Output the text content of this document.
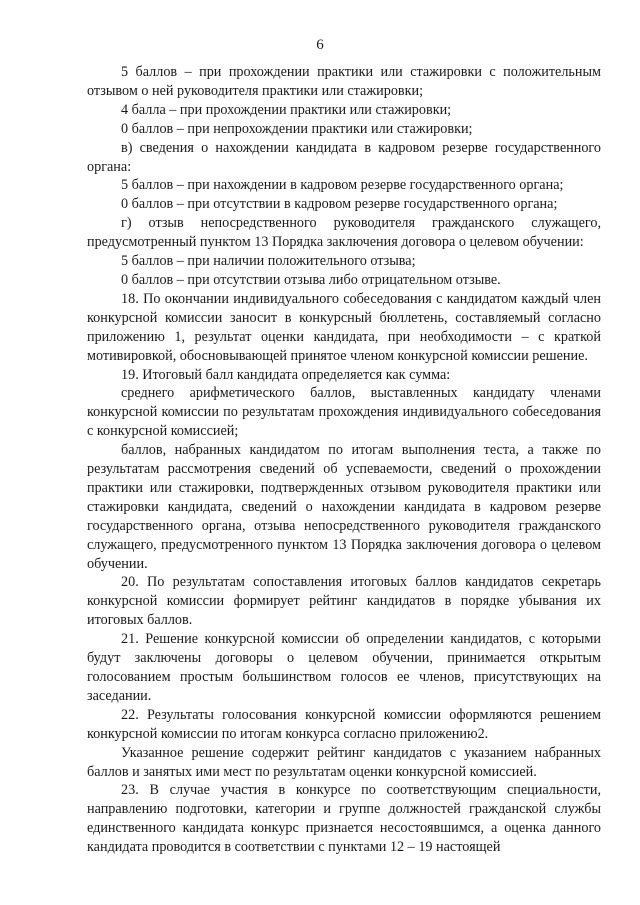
6

5 баллов – при прохождении практики или стажировки с положительным отзывом о ней руководителя практики или стажировки;

4 балла – при прохождении практики или стажировки;

0 баллов – при непрохождении практики или стажировки;

в) сведения о нахождении кандидата в кадровом резерве государственного органа:

5 баллов – при нахождении в кадровом резерве государственного органа;

0 баллов – при отсутствии в кадровом резерве государственного органа;

г) отзыв непосредственного руководителя гражданского служащего, предусмотренный пунктом 13 Порядка заключения договора о целевом обучении:

5 баллов – при наличии положительного отзыва;

0 баллов – при отсутствии отзыва либо отрицательном отзыве.

18. По окончании индивидуального собеседования с кандидатом каждый член конкурсной комиссии заносит в конкурсный бюллетень, составляемый согласно приложению 1, результат оценки кандидата, при необходимости – с краткой мотивировкой, обосновывающей принятое членом конкурсной комиссии решение.

19. Итоговый балл кандидата определяется как сумма:

среднего арифметического баллов, выставленных кандидату членами конкурсной комиссии по результатам прохождения индивидуального собеседования с конкурсной комиссией;

баллов, набранных кандидатом по итогам выполнения теста, а также по результатам рассмотрения сведений об успеваемости, сведений о прохождении практики или стажировки, подтвержденных отзывом руководителя практики или стажировки кандидата, сведений о нахождении кандидата в кадровом резерве государственного органа, отзыва непосредственного руководителя гражданского служащего, предусмотренного пунктом 13 Порядка заключения договора о целевом обучении.

20. По результатам сопоставления итоговых баллов кандидатов секретарь конкурсной комиссии формирует рейтинг кандидатов в порядке убывания их итоговых баллов.

21. Решение конкурсной комиссии об определении кандидатов, с которыми будут заключены договоры о целевом обучении, принимается открытым голосованием простым большинством голосов ее членов, присутствующих на заседании.

22. Результаты голосования конкурсной комиссии оформляются решением конкурсной комиссии по итогам конкурса согласно приложению2.

Указанное решение содержит рейтинг кандидатов с указанием набранных баллов и занятых ими мест по результатам оценки конкурсной комиссией.

23. В случае участия в конкурсе по соответствующим специальности, направлению подготовки, категории и группе должностей гражданской службы единственного кандидата конкурс признается несостоявшимся, а оценка данного кандидата проводится в соответствии с пунктами 12 – 19 настоящей
